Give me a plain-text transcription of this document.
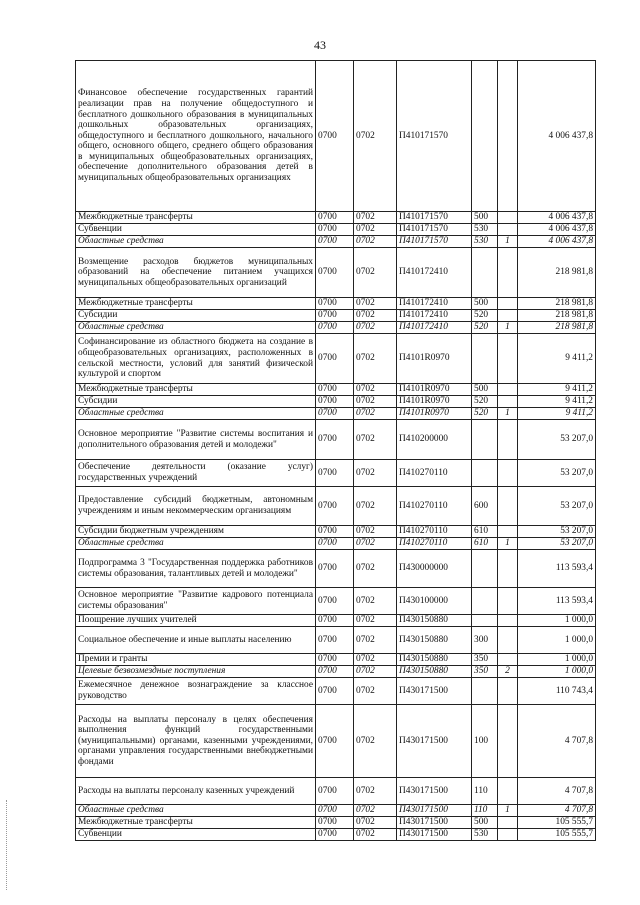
43
Финансовое обеспечение государственных гарантий реализации прав на получение общедоступного и бесплатного дошкольного образования в муниципальных дошкольных образовательных организациях, общедоступного и бесплатного дошкольного, начального общего, основного общего, среднего общего образования в муниципальных общеобразовательных организациях, обеспечение дополнительного образования детей в муниципальных общеобразовательных организациях	0700	0702	П410171570			4 006 437,8
Межбюджетные трансферты	0700	0702	П410171570	500		4 006 437,8
Субвенции	0700	0702	П410171570	530		4 006 437,8
Областные средства	0700	0702	П410171570	530	1	4 006 437,8
Возмещение расходов бюджетов муниципальных образований на обеспечение питанием учащихся муниципальных общеобразовательных организаций	0700	0702	П410172410			218 981,8
Межбюджетные трансферты	0700	0702	П410172410	500		218 981,8
Субсидии	0700	0702	П410172410	520		218 981,8
Областные средства	0700	0702	П410172410	520	1	218 981,8
Софинансирование из областного бюджета на создание в общеобразовательных организациях, расположенных в сельской местности, условий для занятий физической культурой и спортом	0700	0702	П4101R0970			9 411,2
Межбюджетные трансферты	0700	0702	П4101R0970	500		9 411,2
Субсидии	0700	0702	П4101R0970	520		9 411,2
Областные средства	0700	0702	П4101R0970	520	1	9 411,2
Основное мероприятие "Развитие системы воспитания и дополнительного образования детей и молодежи"	0700	0702	П410200000			53 207,0
Обеспечение деятельности (оказание услуг) государственных учреждений	0700	0702	П410270110			53 207,0
Предоставление субсидий бюджетным, автономным учреждениям и иным некоммерческим организациям	0700	0702	П410270110	600		53 207,0
Субсидии бюджетным учреждениям	0700	0702	П410270110	610		53 207,0
Областные средства	0700	0702	П410270110	610	1	53 207,0
Подпрограмма 3 "Государственная поддержка работников системы образования, талантливых детей и молодежи"	0700	0702	П430000000			113 593,4
Основное мероприятие "Развитие кадрового потенциала системы образования"	0700	0702	П430100000			113 593,4
Поощрение лучших учителей	0700	0702	П430150880			1 000,0
Социальное обеспечение и иные выплаты населению	0700	0702	П430150880	300		1 000,0
Премии и гранты	0700	0702	П430150880	350		1 000,0
Целевые безвозмездные поступления	0700	0702	П430150880	350	2	1 000,0
Ежемесячное денежное вознаграждение за классное руководство	0700	0702	П430171500			110 743,4
Расходы на выплаты персоналу в целях обеспечения выполнения функций государственными (муниципальными) органами, казенными учреждениями, органами управления государственными внебюджетными фондами	0700	0702	П430171500	100		4 707,8
Расходы на выплаты персоналу казенных учреждений	0700	0702	П430171500	110		4 707,8
Областные средства	0700	0702	П430171500	110	1	4 707,8
Межбюджетные трансферты	0700	0702	П430171500	500		105 555,7
Субвенции	0700	0702	П430171500	530		105 555,7
